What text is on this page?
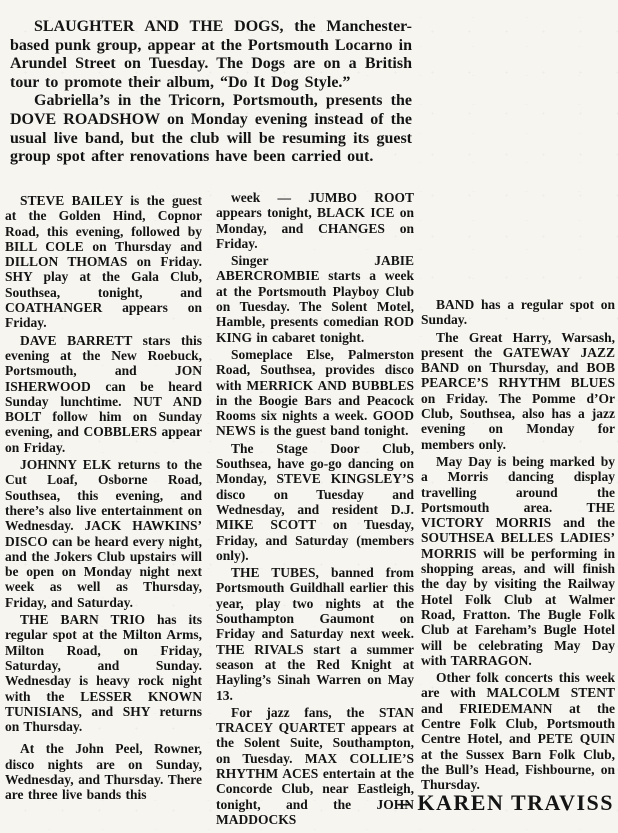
SLAUGHTER AND THE DOGS, the Manchester-based punk group, appear at the Portsmouth Locarno in Arundel Street on Tuesday. The Dogs are on a British tour to promote their album, “Do It Dog Style.”

Gabriella’s in the Tricorn, Portsmouth, presents the DOVE ROADSHOW on Monday evening instead of the usual live band, but the club will be resuming its guest group spot after renovations have been carried out.

STEVE BAILEY is the guest at the Golden Hind, Copnor Road, this evening, followed by BILL COLE on Thursday and DILLON THOMAS on Friday. SHY play at the Gala Club, Southsea, tonight, and COATHANGER appears on Friday.

DAVE BARRETT stars this evening at the New Roebuck, Portsmouth, and JON ISHERWOOD can be heard Sunday lunchtime. NUT AND BOLT follow him on Sunday evening, and COBBLERS appear on Friday.

JOHNNY ELK returns to the Cut Loaf, Osborne Road, Southsea, this evening, and there’s also live entertainment on Wednesday. JACK HAWKINS’ DISCO can be heard every night, and the Jokers Club upstairs will be open on Monday night next week as well as Thursday, Friday, and Saturday.

THE BARN TRIO has its regular spot at the Milton Arms, Milton Road, on Friday, Saturday, and Sunday. Wednesday is heavy rock night with the LESSER KNOWN TUNISIANS, and SHY returns on Thursday.

At the John Peel, Rowner, disco nights are on Sunday, Wednesday, and Thursday. There are three live bands this

week — JUMBO ROOT appears tonight, BLACK ICE on Monday, and CHANGES on Friday.

Singer JABIE ABERCROMBIE starts a week at the Portsmouth Playboy Club on Tuesday. The Solent Motel, Hamble, presents comedian ROD KING in cabaret tonight.

Someplace Else, Palmerston Road, Southsea, provides disco with MERRICK AND BUBBLES in the Boogie Bars and Peacock Rooms six nights a week. GOOD NEWS is the guest band tonight.

The Stage Door Club, Southsea, have go-go dancing on Monday, STEVE KINGSLEY’S disco on Tuesday and Wednesday, and resident D.J. MIKE SCOTT on Tuesday, Friday, and Saturday (members only).

THE TUBES, banned from Portsmouth Guildhall earlier this year, play two nights at the Southampton Gaumont on Friday and Saturday next week. THE RIVALS start a summer season at the Red Knight at Hayling’s Sinah Warren on May 13.

For jazz fans, the STAN TRACEY QUARTET appears at the Solent Suite, Southampton, on Tuesday. MAX COLLIE’S RHYTHM ACES entertain at the Concorde Club, near Eastleigh, tonight, and the JOHN MADDOCKS

BAND has a regular spot on Sunday.

The Great Harry, Warsash, present the GATEWAY JAZZ BAND on Thursday, and BOB PEARCE’S RHYTHM BLUES on Friday. The Pomme d’Or Club, Southsea, also has a jazz evening on Monday for members only.

May Day is being marked by a Morris dancing display travelling around the Portsmouth area. THE VICTORY MORRIS and the SOUTHSEA BELLES LADIES’ MORRIS will be performing in shopping areas, and will finish the day by visiting the Railway Hotel Folk Club at Walmer Road, Fratton. The Bugle Folk Club at Fareham’s Bugle Hotel will be celebrating May Day with TARRAGON.

Other folk concerts this week are with MALCOLM STENT and FRIEDEMANN at the Centre Folk Club, Portsmouth Centre Hotel, and PETE QUIN at the Sussex Barn Folk Club, the Bull’s Head, Fishbourne, on Thursday.

– KAREN TRAVISS
